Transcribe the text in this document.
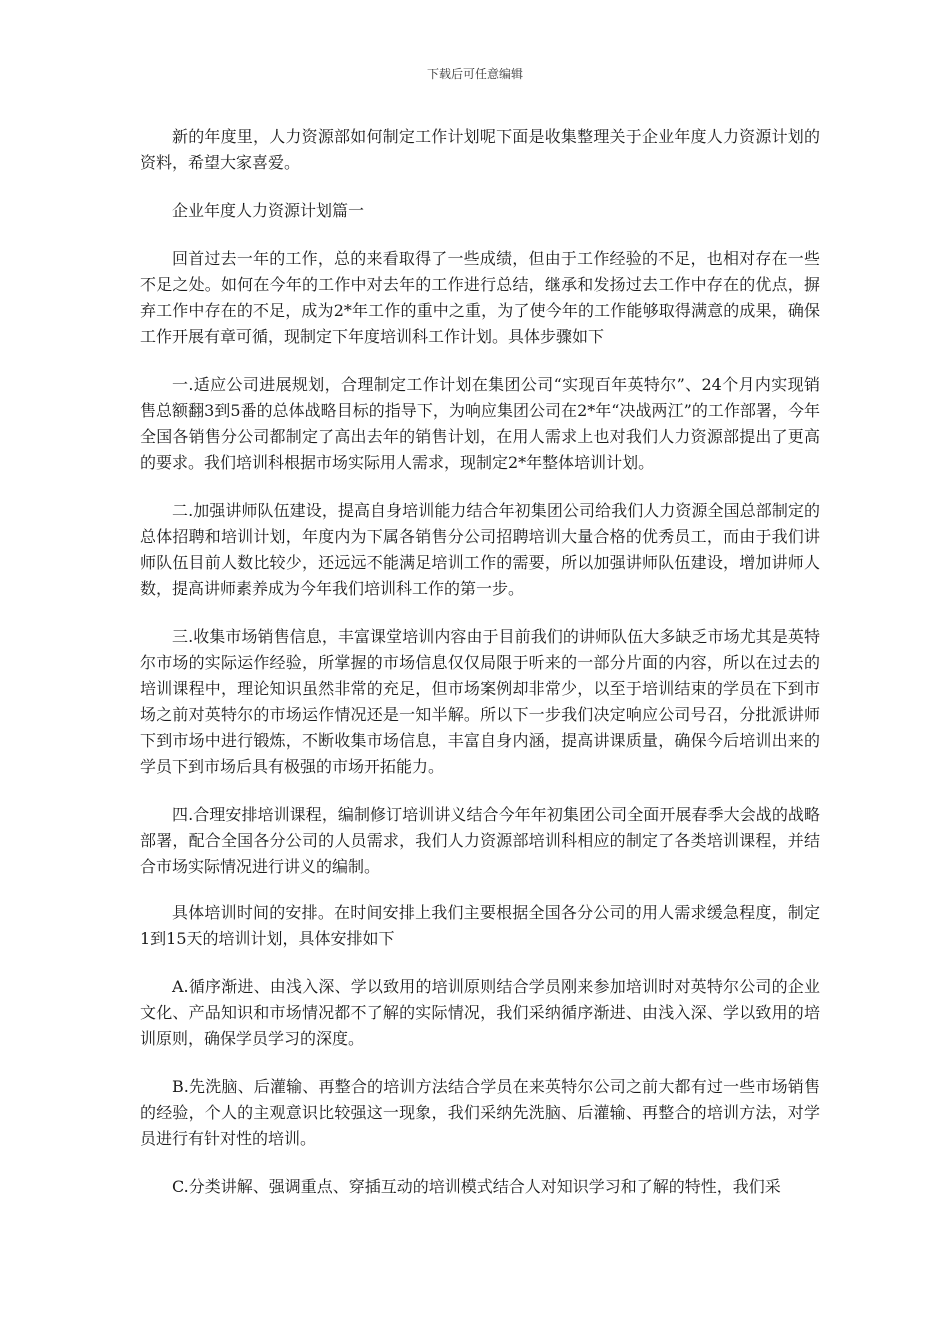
下载后可任意编辑

新的年度里，人力资源部如何制定工作计划呢下面是收集整理关于企业年度人力资源计划的资料，希望大家喜爱。

企业年度人力资源计划篇一

回首过去一年的工作，总的来看取得了一些成绩，但由于工作经验的不足，也相对存在一些不足之处。如何在今年的工作中对去年的工作进行总结，继承和发扬过去工作中存在的优点，摒弃工作中存在的不足，成为2*年工作的重中之重，为了使今年的工作能够取得满意的成果，确保工作开展有章可循，现制定下年度培训科工作计划。具体步骤如下

一.适应公司进展规划，合理制定工作计划在集团公司“实现百年英特尔”、24个月内实现销售总额翻3到5番的总体战略目标的指导下，为响应集团公司在2*年“决战两江”的工作部署，今年全国各销售分公司都制定了高出去年的销售计划，在用人需求上也对我们人力资源部提出了更高的要求。我们培训科根据市场实际用人需求，现制定2*年整体培训计划。

二.加强讲师队伍建设，提高自身培训能力结合年初集团公司给我们人力资源全国总部制定的总体招聘和培训计划，年度内为下属各销售分公司招聘培训大量合格的优秀员工，而由于我们讲师队伍目前人数比较少，还远远不能满足培训工作的需要，所以加强讲师队伍建设，增加讲师人数，提高讲师素养成为今年我们培训科工作的第一步。

三.收集市场销售信息，丰富课堂培训内容由于目前我们的讲师队伍大多缺乏市场尤其是英特尔市场的实际运作经验，所掌握的市场信息仅仅局限于听来的一部分片面的内容，所以在过去的培训课程中，理论知识虽然非常的充足，但市场案例却非常少，以至于培训结束的学员在下到市场之前对英特尔的市场运作情况还是一知半解。所以下一步我们决定响应公司号召，分批派讲师下到市场中进行锻炼，不断收集市场信息，丰富自身内涵，提高讲课质量，确保今后培训出来的学员下到市场后具有极强的市场开拓能力。

四.合理安排培训课程，编制修订培训讲义结合今年年初集团公司全面开展春季大会战的战略部署，配合全国各分公司的人员需求，我们人力资源部培训科相应的制定了各类培训课程，并结合市场实际情况进行讲义的编制。

具体培训时间的安排。在时间安排上我们主要根据全国各分公司的用人需求缓急程度，制定1到15天的培训计划，具体安排如下

A.循序渐进、由浅入深、学以致用的培训原则结合学员刚来参加培训时对英特尔公司的企业文化、产品知识和市场情况都不了解的实际情况，我们采纳循序渐进、由浅入深、学以致用的培训原则，确保学员学习的深度。

B.先洗脑、后灌输、再整合的培训方法结合学员在来英特尔公司之前大都有过一些市场销售的经验，个人的主观意识比较强这一现象，我们采纳先洗脑、后灌输、再整合的培训方法，对学员进行有针对性的培训。

C.分类讲解、强调重点、穿插互动的培训模式结合人对知识学习和了解的特性，我们采
